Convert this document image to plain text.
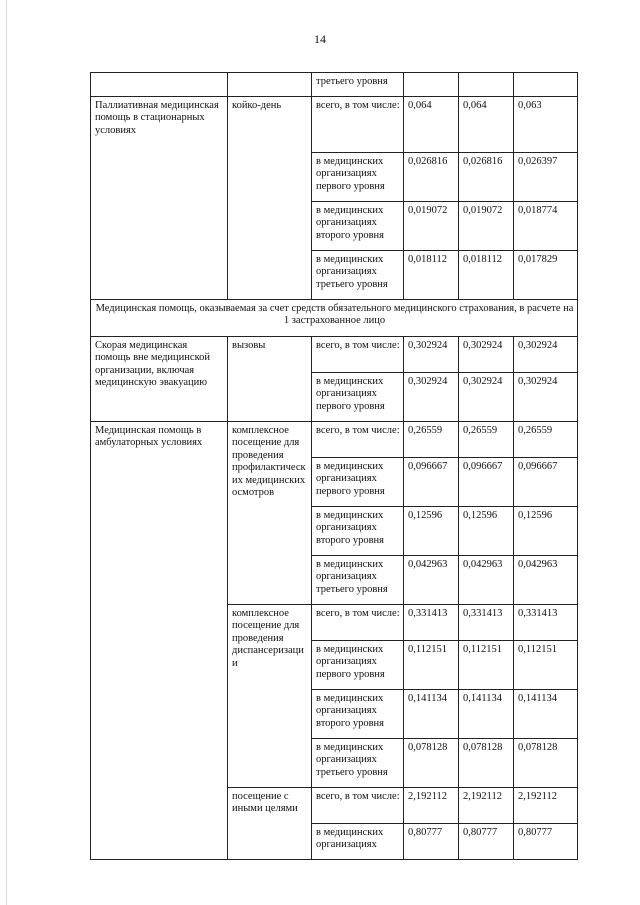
14
		третьего уровня			
Паллиативная медицинская помощь в стационарных условиях	койко-день	всего, в том числе:	0,064	0,064	0,063
		в медицинских организациях первого уровня	0,026816	0,026816	0,026397
		в медицинских организациях второго уровня	0,019072	0,019072	0,018774
		в медицинских организациях третьего уровня	0,018112	0,018112	0,017829
Медицинская помощь, оказываемая за счет средств обязательного медицинского страхования, в расчете на 1 застрахованное лицо					
Скорая медицинская помощь вне медицинской организации, включая медицинскую эвакуацию	вызовы	всего, в том числе:	0,302924	0,302924	0,302924
		в медицинских организациях первого уровня	0,302924	0,302924	0,302924
Медицинская помощь в амбулаторных условиях	комплексное посещение для проведения профилактическ их медицинских осмотров	всего, в том числе:	0,26559	0,26559	0,26559
		в медицинских организациях первого уровня	0,096667	0,096667	0,096667
		в медицинских организациях второго уровня	0,12596	0,12596	0,12596
		в медицинских организациях третьего уровня	0,042963	0,042963	0,042963
	комплексное посещение для проведения диспансеризаци и	всего, в том числе:	0,331413	0,331413	0,331413
		в медицинских организациях первого уровня	0,112151	0,112151	0,112151
		в медицинских организациях второго уровня	0,141134	0,141134	0,141134
		в медицинских организациях третьего уровня	0,078128	0,078128	0,078128
	посещение с иными целями	всего, в том числе:	2,192112	2,192112	2,192112
		в медицинских организациях	0,80777	0,80777	0,80777
